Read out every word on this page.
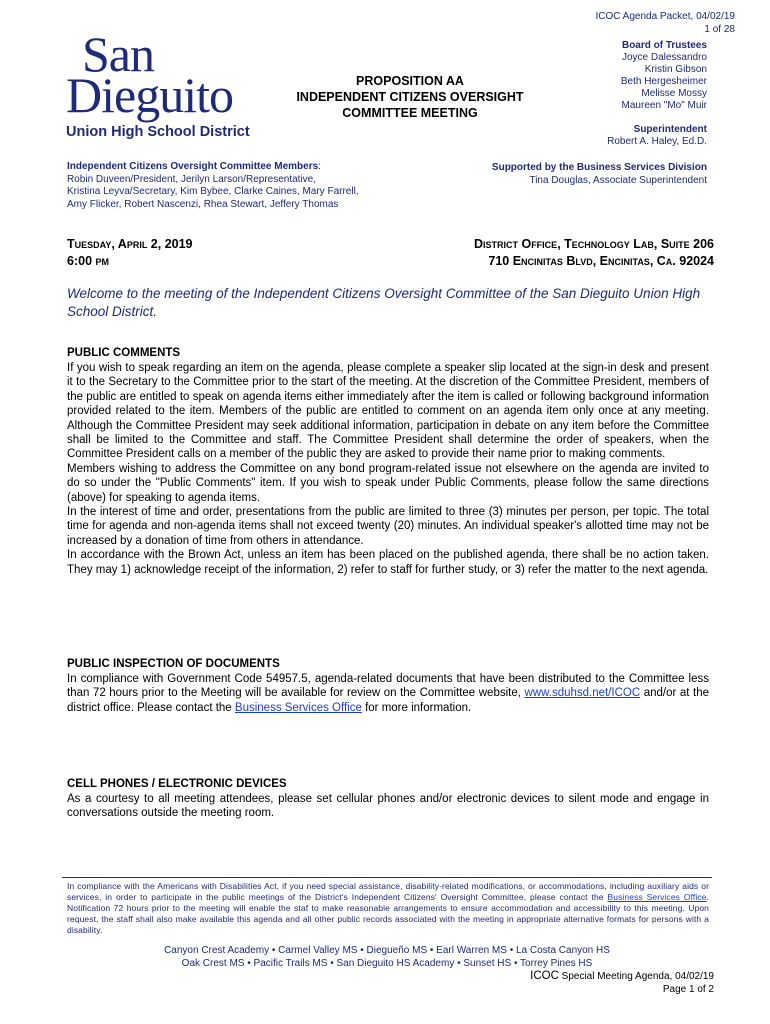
ICOC Agenda Packet, 04/02/19
1 of 28
San
Dieguito
Union High School District
PROPOSITION AA
INDEPENDENT CITIZENS OVERSIGHT
COMMITTEE MEETING
Board of Trustees
Joyce Dalessandro
Kristin Gibson
Beth Hergesheimer
Melisse Mossy
Maureen "Mo" Muir
Superintendent
Robert A. Haley, Ed.D.
Independent Citizens Oversight Committee Members:
Robin Duveen/President, Jerilyn Larson/Representative,
Kristina Leyva/Secretary, Kim Bybee, Clarke Caines, Mary Farrell,
Amy Flicker, Robert Nascenzi, Rhea Stewart, Jeffery Thomas
Supported by the Business Services Division
Tina Douglas, Associate Superintendent
Tuesday, April 2, 2019
6:00 pm
District Office, Technology Lab, Suite 206
710 Encinitas Blvd, Encinitas, Ca. 92024
Welcome to the meeting of the Independent Citizens Oversight Committee of the San Dieguito Union High School District.
PUBLIC COMMENTS

If you wish to speak regarding an item on the agenda, please complete a speaker slip located at the sign-in desk and present it to the Secretary to the Committee prior to the start of the meeting. At the discretion of the Committee President, members of the public are entitled to speak on agenda items either immediately after the item is called or following background information provided related to the item. Members of the public are entitled to comment on an agenda item only once at any meeting. Although the Committee President may seek additional information, participation in debate on any item before the Committee shall be limited to the Committee and staff. The Committee President shall determine the order of speakers, when the Committee President calls on a member of the public they are asked to provide their name prior to making comments.

Members wishing to address the Committee on any bond program-related issue not elsewhere on the agenda are invited to do so under the "Public Comments" item. If you wish to speak under Public Comments, please follow the same directions (above) for speaking to agenda items.

In the interest of time and order, presentations from the public are limited to three (3) minutes per person, per topic. The total time for agenda and non-agenda items shall not exceed twenty (20) minutes. An individual speaker's allotted time may not be increased by a donation of time from others in attendance.

In accordance with the Brown Act, unless an item has been placed on the published agenda, there shall be no action taken. They may 1) acknowledge receipt of the information, 2) refer to staff for further study, or 3) refer the matter to the next agenda.

PUBLIC INSPECTION OF DOCUMENTS

In compliance with Government Code 54957.5, agenda-related documents that have been distributed to the Committee less than 72 hours prior to the Meeting will be available for review on the Committee website, www.sduhsd.net/ICOC and/or at the district office. Please contact the Business Services Office for more information.

CELL PHONES / ELECTRONIC DEVICES

As a courtesy to all meeting attendees, please set cellular phones and/or electronic devices to silent mode and engage in conversations outside the meeting room.

In compliance with the Americans with Disabilities Act, if you need special assistance, disability-related modifications, or accommodations, including auxiliary aids or services, in order to participate in the public meetings of the District's Independent Citizens' Oversight Committee, please contact the Business Services Office. Notification 72 hours prior to the meeting will enable the staf to make reasonable arrangements to ensure accommodation and accessibility to this meeting. Upon request, the staff shall also make available this agenda and all other public records associated with the meeting in appropriate alternative formats for persons with a disability.
Canyon Crest Academy • Carmel Valley MS • Diegueño MS • Earl Warren MS • La Costa Canyon HS
Oak Crest MS • Pacific Trails MS • San Dieguito HS Academy • Sunset HS • Torrey Pines HS
ICOC Special Meeting Agenda, 04/02/19
Page 1 of 2
